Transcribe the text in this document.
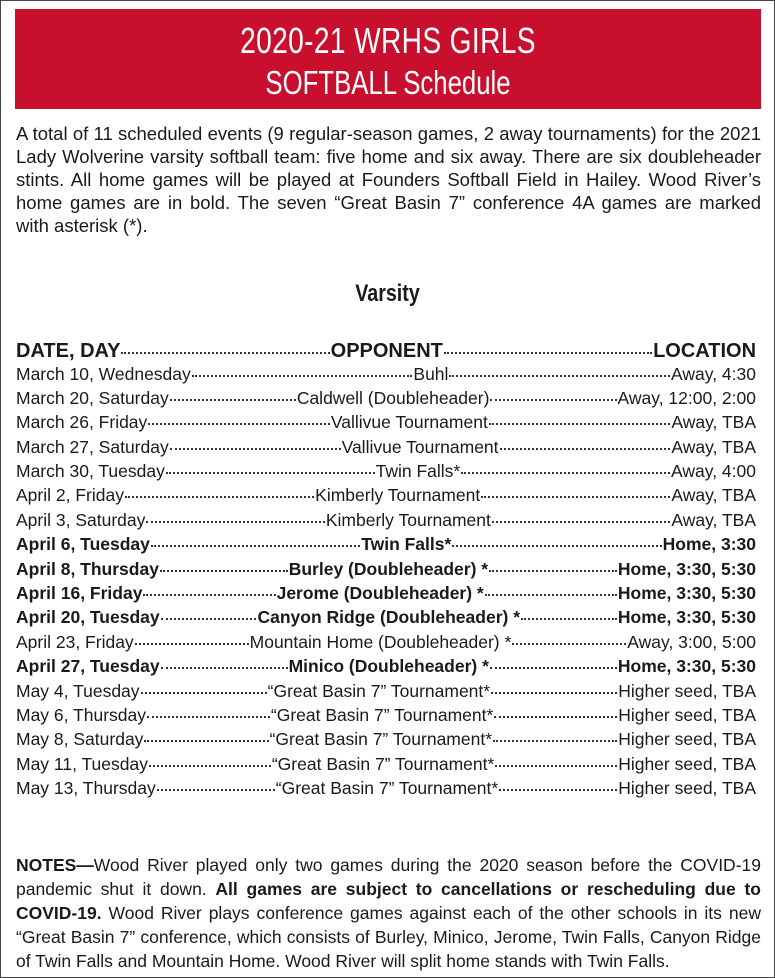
2020-21 WRHS GIRLS
SOFTBALL Schedule
A total of 11 scheduled events (9 regular-season games, 2 away tournaments) for the 2021 Lady Wolverine varsity softball team: five home and six away. There are six doubleheader stints. All home games will be played at Founders Softball Field in Hailey. Wood River’s home games are in bold. The seven “Great Basin 7” conference 4A games are marked with asterisk (*).
Varsity
DATE, DAY	OPPONENT	LOCATION
March 10, Wednesday	Buhl	Away, 4:30
March 20, Saturday	Caldwell (Doubleheader)	Away, 12:00, 2:00
March 26, Friday	Vallivue Tournament	Away, TBA
March 27, Saturday	Vallivue Tournament	Away, TBA
March 30, Tuesday	Twin Falls*	Away, 4:00
April 2, Friday	Kimberly Tournament	Away, TBA
April 3, Saturday	Kimberly Tournament	Away, TBA
April 6, Tuesday	Twin Falls*	Home, 3:30
April 8, Thursday	Burley (Doubleheader) *	Home, 3:30, 5:30
April 16, Friday	Jerome (Doubleheader) *	Home, 3:30, 5:30
April 20, Tuesday	Canyon Ridge (Doubleheader) *	Home, 3:30, 5:30
April 23, Friday	Mountain Home (Doubleheader) *	Away, 3:00, 5:00
April 27, Tuesday	Minico (Doubleheader) *	Home, 3:30, 5:30
May 4, Tuesday	“Great Basin 7” Tournament*	Higher seed, TBA
May 6, Thursday	“Great Basin 7” Tournament*	Higher seed, TBA
May 8, Saturday	“Great Basin 7” Tournament*	Higher seed, TBA
May 11, Tuesday	“Great Basin 7” Tournament*	Higher seed, TBA
May 13, Thursday	“Great Basin 7” Tournament*	Higher seed, TBA
NOTES—Wood River played only two games during the 2020 season before the COVID-19 pandemic shut it down. All games are subject to cancellations or rescheduling due to COVID-19. Wood River plays conference games against each of the other schools in its new “Great Basin 7” conference, which consists of Burley, Minico, Jerome, Twin Falls, Canyon Ridge of Twin Falls and Mountain Home. Wood River will split home stands with Twin Falls.
